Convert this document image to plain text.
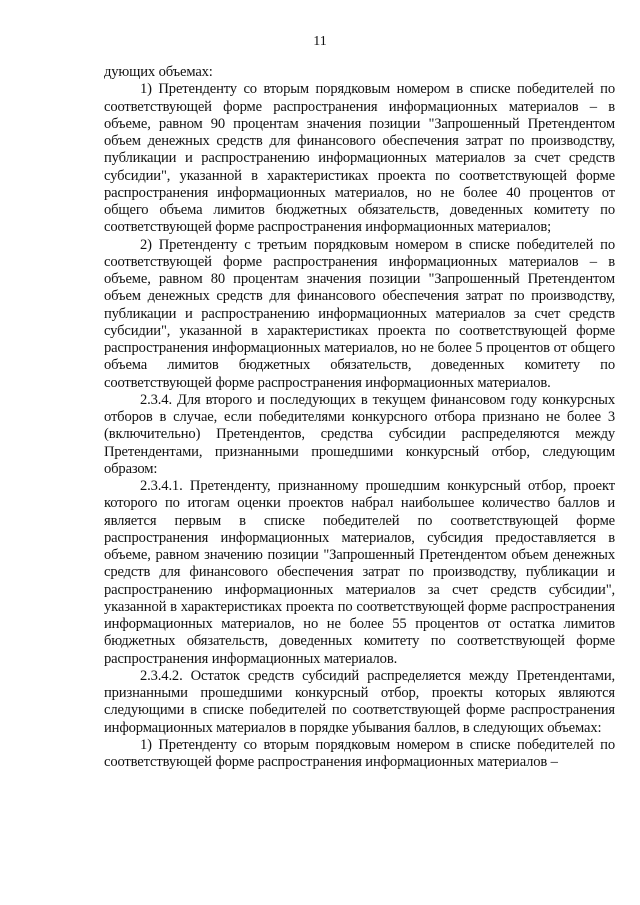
11

дующих объемах:

1) Претенденту со вторым порядковым номером в списке победителей по соответствующей форме распространения информационных материалов – в объеме, равном 90 процентам значения позиции "Запрошенный Претендентом объем денежных средств для финансового обеспечения затрат по производству, публикации и распространению информационных материалов за счет средств субсидии", указанной в характеристиках проекта по соответствующей форме распространения информационных материалов, но не более 40 процентов от общего объема лимитов бюджетных обязательств, доведенных комитету по соответствующей форме распространения информационных материалов;

2) Претенденту с третьим порядковым номером в списке победителей по соответствующей форме распространения информационных материалов – в объеме, равном 80 процентам значения позиции "Запрошенный Претендентом объем денежных средств для финансового обеспечения затрат по производству, публикации и распространению информационных материалов за счет средств субсидии", указанной в характеристиках проекта по соответствующей форме распространения информационных материалов, но не более 5 процентов от общего объема лимитов бюджетных обязательств, доведенных комитету по соответствующей форме распространения информационных материалов.

2.3.4. Для второго и последующих в текущем финансовом году конкурсных отборов в случае, если победителями конкурсного отбора признано не более 3 (включительно) Претендентов, средства субсидии распределяются между Претендентами, признанными прошедшими конкурсный отбор, следующим образом:

2.3.4.1. Претенденту, признанному прошедшим конкурсный отбор, проект которого по итогам оценки проектов набрал наибольшее количество баллов и является первым в списке победителей по соответствующей форме распространения информационных материалов, субсидия предоставляется в объеме, равном значению позиции "Запрошенный Претендентом объем денежных средств для финансового обеспечения затрат по производству, публикации и распространению информационных материалов за счет средств субсидии", указанной в характеристиках проекта по соответствующей форме распространения информационных материалов, но не более 55 процентов от остатка лимитов бюджетных обязательств, доведенных комитету по соответствующей форме распространения информационных материалов.

2.3.4.2. Остаток средств субсидий распределяется между Претендентами, признанными прошедшими конкурсный отбор, проекты которых являются следующими в списке победителей по соответствующей форме распространения информационных материалов в порядке убывания баллов, в следующих объемах:

1) Претенденту со вторым порядковым номером в списке победителей по соответствующей форме распространения информационных материалов –
